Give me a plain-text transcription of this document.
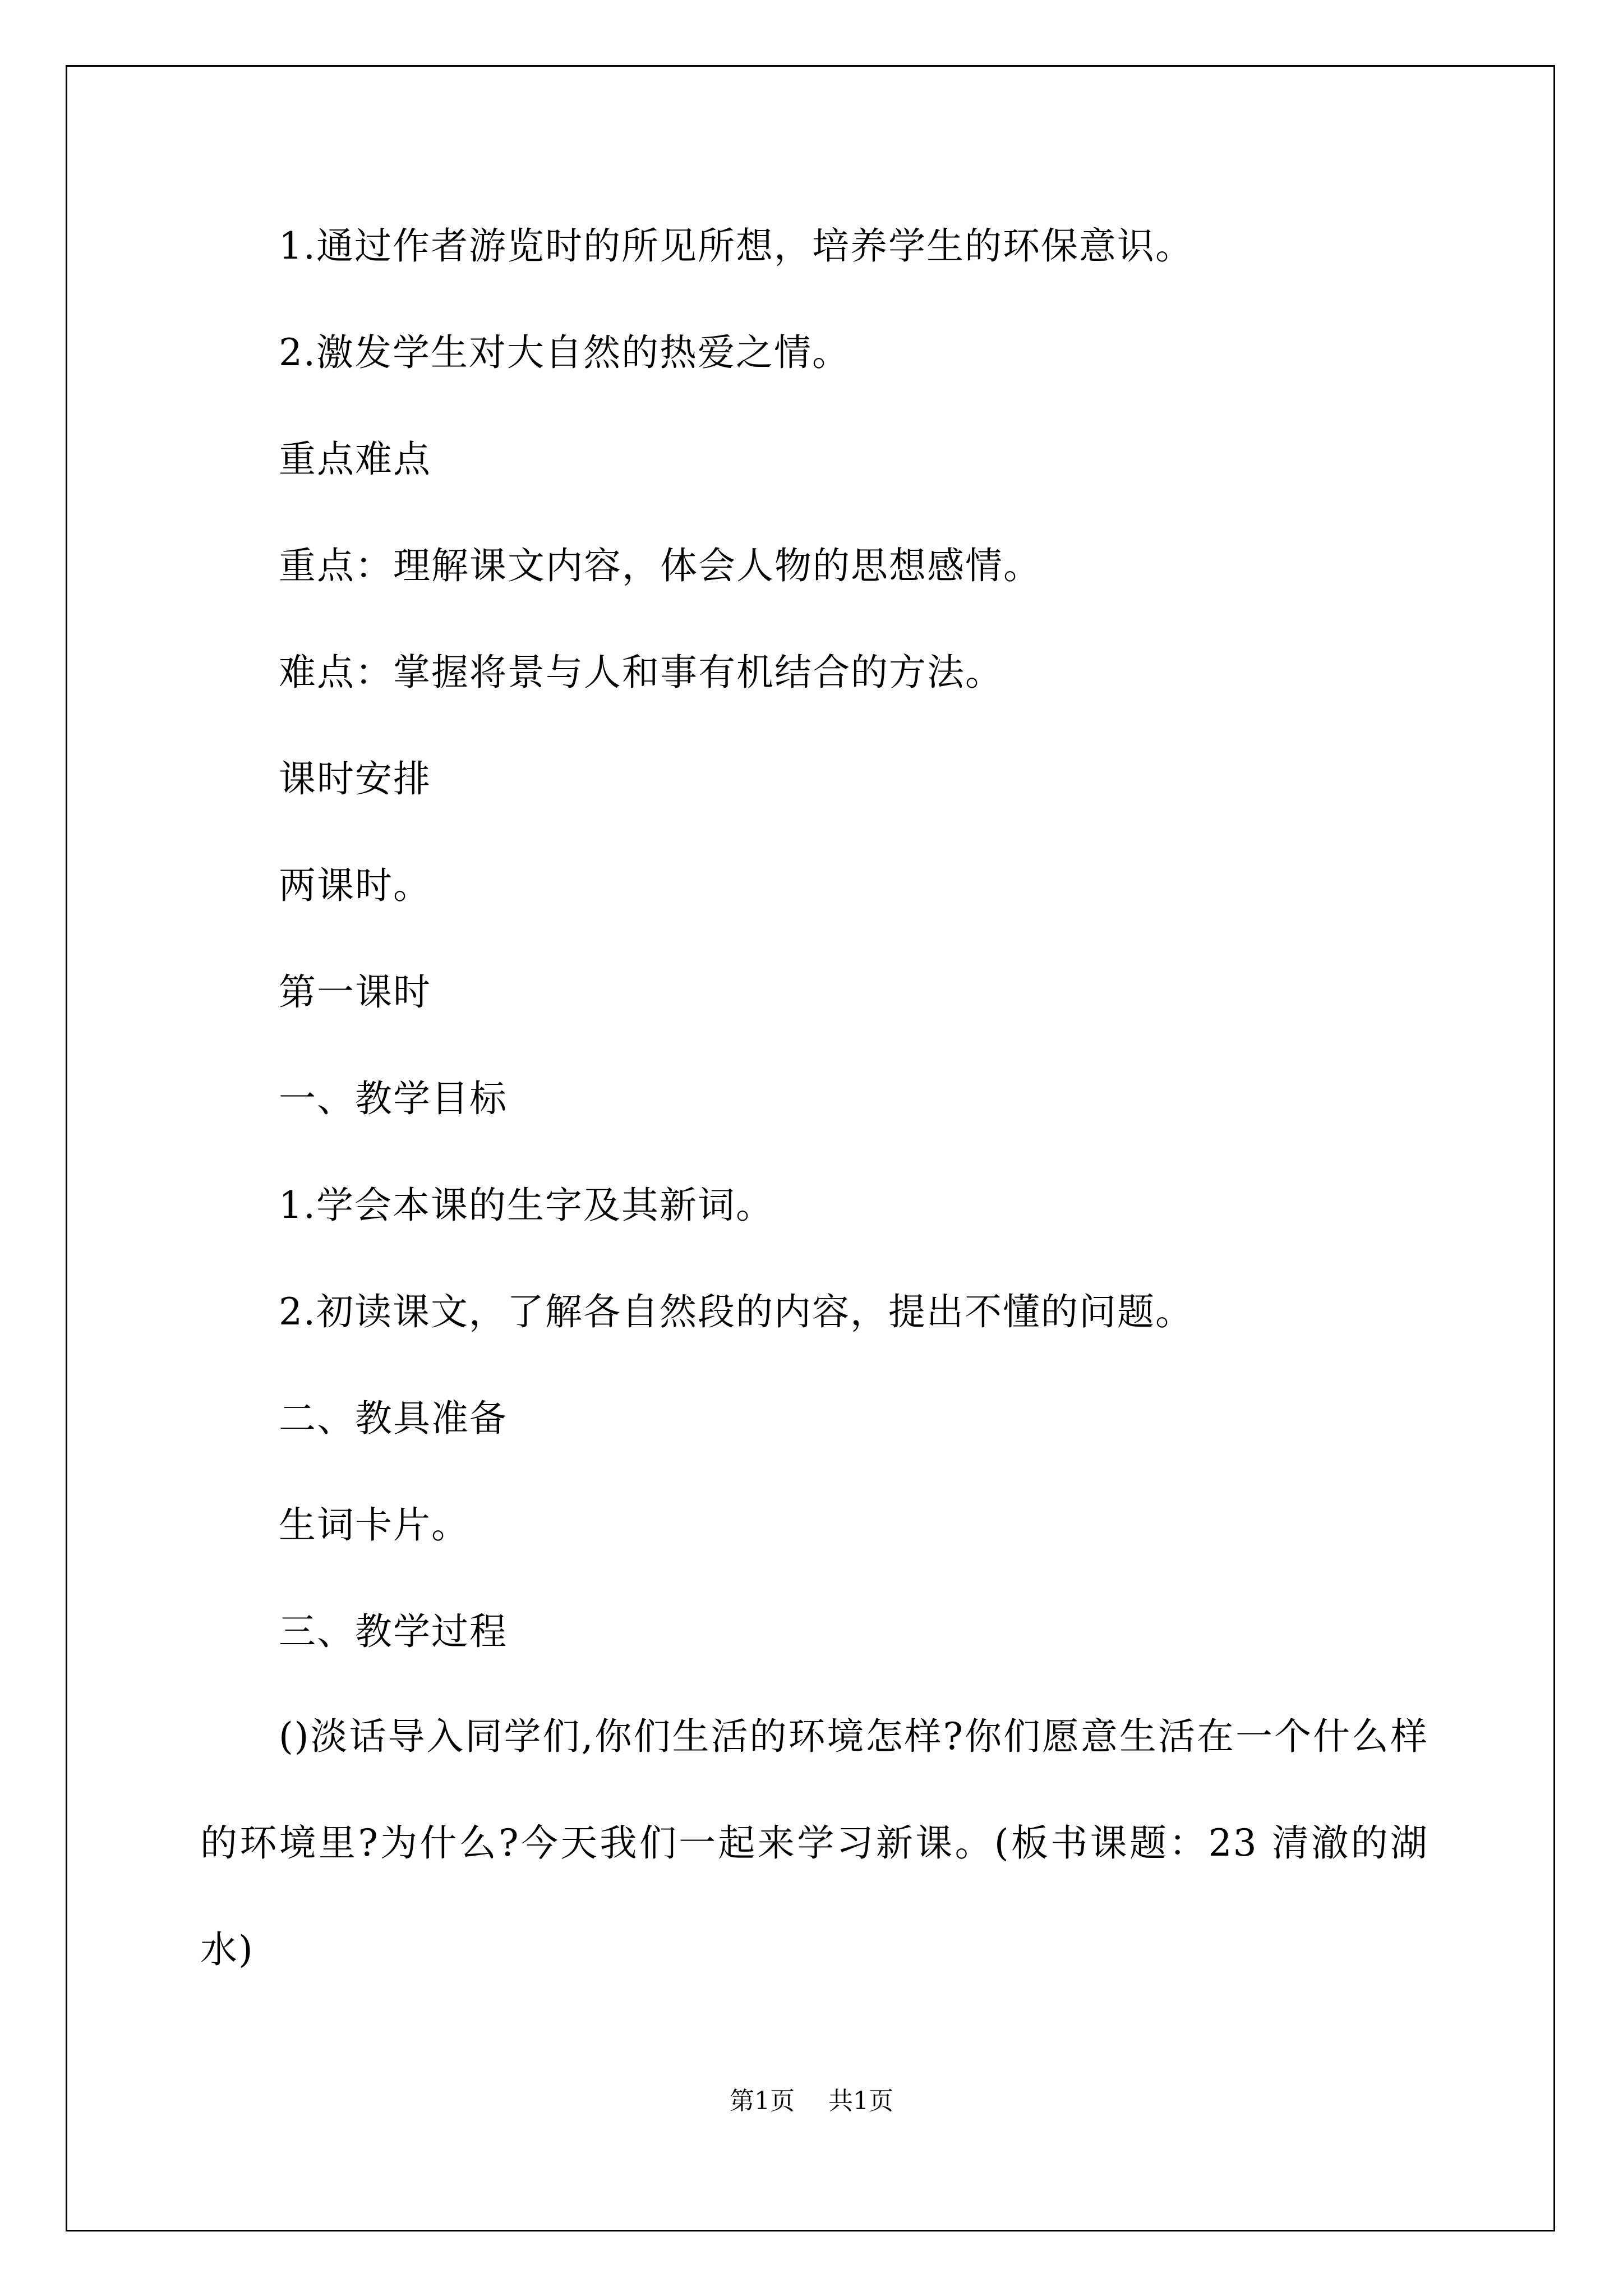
1.通过作者游览时的所见所想，培养学生的环保意识。

2.激发学生对大自然的热爱之情。

重点难点

重点：理解课文内容，体会人物的思想感情。

难点：掌握将景与人和事有机结合的方法。

课时安排

两课时。

第一课时

一、教学目标

1.学会本课的生字及其新词。

2.初读课文，了解各自然段的内容，提出不懂的问题。

二、教具准备

生词卡片。

三、教学过程

()淡话导入同学们,你们生活的环境怎样?你们愿意生活在一个什么样的环境里?为什么?今天我们一起来学习新课。(板书课题：23 清澈的湖水)

第1页 共1页
